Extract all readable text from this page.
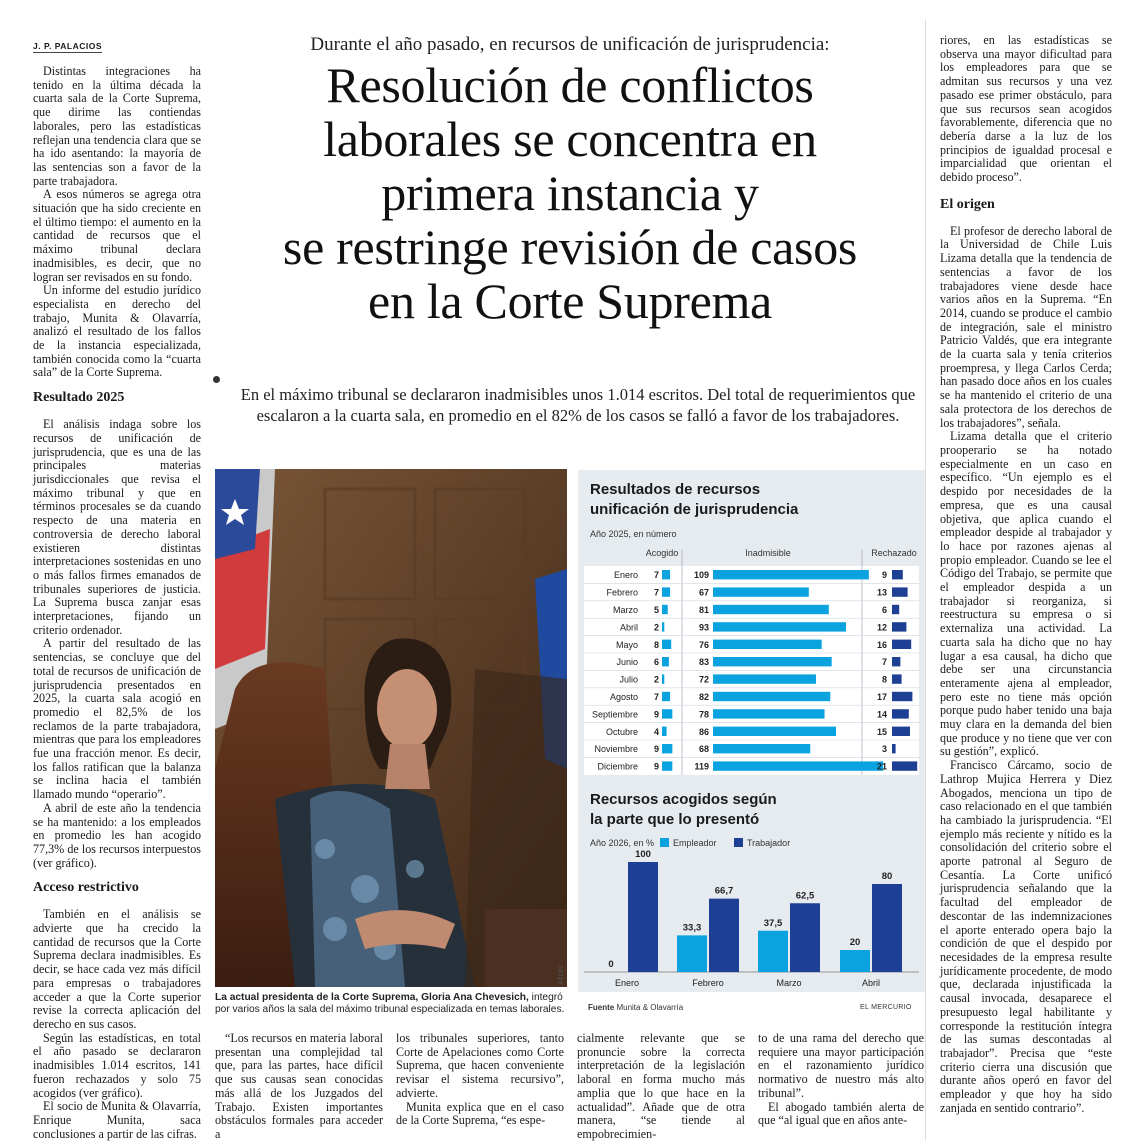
J. P. PALACIOS

Distintas integraciones ha tenido en la última década la cuarta sala de la Corte Suprema, que dirime las contiendas laborales, pero las estadísticas reflejan una tendencia clara que se ha ido asentando: la mayoría de las sentencias son a favor de la parte trabajadora.

A esos números se agrega otra situación que ha sido creciente en el último tiempo: el aumento en la cantidad de recursos que el máximo tribunal declara inadmisibles, es decir, que no logran ser revisados en su fondo.

Un informe del estudio jurídico especialista en derecho del trabajo, Munita & Olavarría, analizó el resultado de los fallos de la instancia especializada, también conocida como la “cuarta sala” de la Corte Suprema.

Resultado 2025

El análisis indaga sobre los recursos de unificación de jurisprudencia, que es una de las principales materias jurisdiccionales que revisa el máximo tribunal y que en términos procesales se da cuando respecto de una materia en controversia de derecho laboral existieren distintas interpretaciones sostenidas en uno o más fallos firmes emanados de tribunales superiores de justicia. La Suprema busca zanjar esas interpretaciones, fijando un criterio ordenador.

A partir del resultado de las sentencias, se concluye que del total de recursos de unificación de jurisprudencia presentados en 2025, la cuarta sala acogió en promedio el 82,5% de los reclamos de la parte trabajadora, mientras que para los empleadores fue una fracción menor. Es decir, los fallos ratifican que la balanza se inclina hacia el también llamado mundo “operario”.

A abril de este año la tendencia se ha mantenido: a los empleados en promedio les han acogido 77,3% de los recursos interpuestos (ver gráfico).

Acceso restrictivo

También en el análisis se advierte que ha crecido la cantidad de recursos que la Corte Suprema declara inadmisibles. Es decir, se hace cada vez más difícil para empresas o trabajadores acceder a que la Corte superior revise la correcta aplicación del derecho en sus casos.

Según las estadísticas, en total el año pasado se declararon inadmisibles 1.014 escritos, 141 fueron rechazados y solo 75 acogidos (ver gráfico).

El socio de Munita & Olavarría, Enrique Munita, saca conclusiones a partir de las cifras.

Durante el año pasado, en recursos de unificación de jurisprudencia:
Resolución de conflictos
laborales se concentra en
primera instancia y
se restringe revisión de casos
en la Corte Suprema
En el máximo tribunal se declararon inadmisibles unos 1.014 escritos. Del total de requerimientos que escalaron a la cuarta sala, en promedio en el 82% de los casos se falló a favor de los trabajadores.
ATON
La actual presidenta de la Corte Suprema, Gloria Ana Chevesich, integró por varios años la sala del máximo tribunal especializada en temas laborales.
Resultados de recursos
unificación de jurisprudencia
Año 2025, en número
Acogido	Inadmisible	Rechazado
Enero 7	109	9
Febrero 7	67	13
Marzo 5	81	6
Abril 2	93	12
Mayo 8	76	16
Junio 6	83	7
Julio 2	72	8
Agosto 7	82	17
Septiembre 9	78	14
Octubre 4	86	15
Noviembre 9	68	3
Diciembre 9	119	21
Recursos acogidos según
la parte que lo presentó
Año 2026, en % Empleador	Trabajador
0
100
Enero
33,3
66,7
Febrero
37,5
62,5
Marzo
20
80
Abril
Fuente Munita & Olavarría	EL MERCURIO

“Los recursos en materia laboral presentan una complejidad tal que, para las partes, hace difícil que sus causas sean conocidas más allá de los Juzgados del Trabajo. Existen importantes obstáculos formales para acceder a

los tribunales superiores, tanto Corte de Apelaciones como Corte Suprema, que hacen conveniente revisar el sistema recursivo”, advierte.

Munita explica que en el caso de la Corte Suprema, “es espe-

cialmente relevante que se pronuncie sobre la correcta interpretación de la legislación laboral en forma mucho más amplia que lo que hace en la actualidad”. Añade que de otra manera, “se tiende al empobrecimien-

to de una rama del derecho que requiere una mayor participación en el razonamiento jurídico normativo de nuestro más alto tribunal”.

El abogado también alerta de que “al igual que en años ante-

riores, en las estadísticas se observa una mayor dificultad para los empleadores para que se admitan sus recursos y una vez pasado ese primer obstáculo, para que sus recursos sean acogidos favorablemente, diferencia que no debería darse a la luz de los principios de igualdad procesal e imparcialidad que orientan el debido proceso”.

El origen

El profesor de derecho laboral de la Universidad de Chile Luis Lizama detalla que la tendencia de sentencias a favor de los trabajadores viene desde hace varios años en la Suprema. “En 2014, cuando se produce el cambio de integración, sale el ministro Patricio Valdés, que era integrante de la cuarta sala y tenía criterios proempresa, y llega Carlos Cerda; han pasado doce años en los cuales se ha mantenido el criterio de una sala protectora de los derechos de los trabajadores”, señala.

Lizama detalla que el criterio prooperario se ha notado especialmente en un caso en específico. “Un ejemplo es el despido por necesidades de la empresa, que es una causal objetiva, que aplica cuando el empleador despide al trabajador y lo hace por razones ajenas al propio empleador. Cuando se lee el Código del Trabajo, se permite que el empleador despida a un trabajador si reorganiza, si reestructura su empresa o si externaliza una actividad. La cuarta sala ha dicho que no hay lugar a esa causal, ha dicho que debe ser una circunstancia enteramente ajena al empleador, pero este no tiene más opción porque pudo haber tenido una baja muy clara en la demanda del bien que produce y no tiene que ver con su gestión”, explicó.

Francisco Cárcamo, socio de Lathrop Mujica Herrera y Diez Abogados, menciona un tipo de caso relacionado en el que también ha cambiado la jurisprudencia. “El ejemplo más reciente y nítido es la consolidación del criterio sobre el aporte patronal al Seguro de Cesantía. La Corte unificó jurisprudencia señalando que la facultad del empleador de descontar de las indemnizaciones el aporte enterado opera bajo la condición de que el despido por necesidades de la empresa resulte jurídicamente procedente, de modo que, declarada injustificada la causal invocada, desaparece el presupuesto legal habilitante y corresponde la restitución íntegra de las sumas descontadas al trabajador”. Precisa que “este criterio cierra una discusión que durante años operó en favor del empleador y que hoy ha sido zanjada en sentido contrario”.
